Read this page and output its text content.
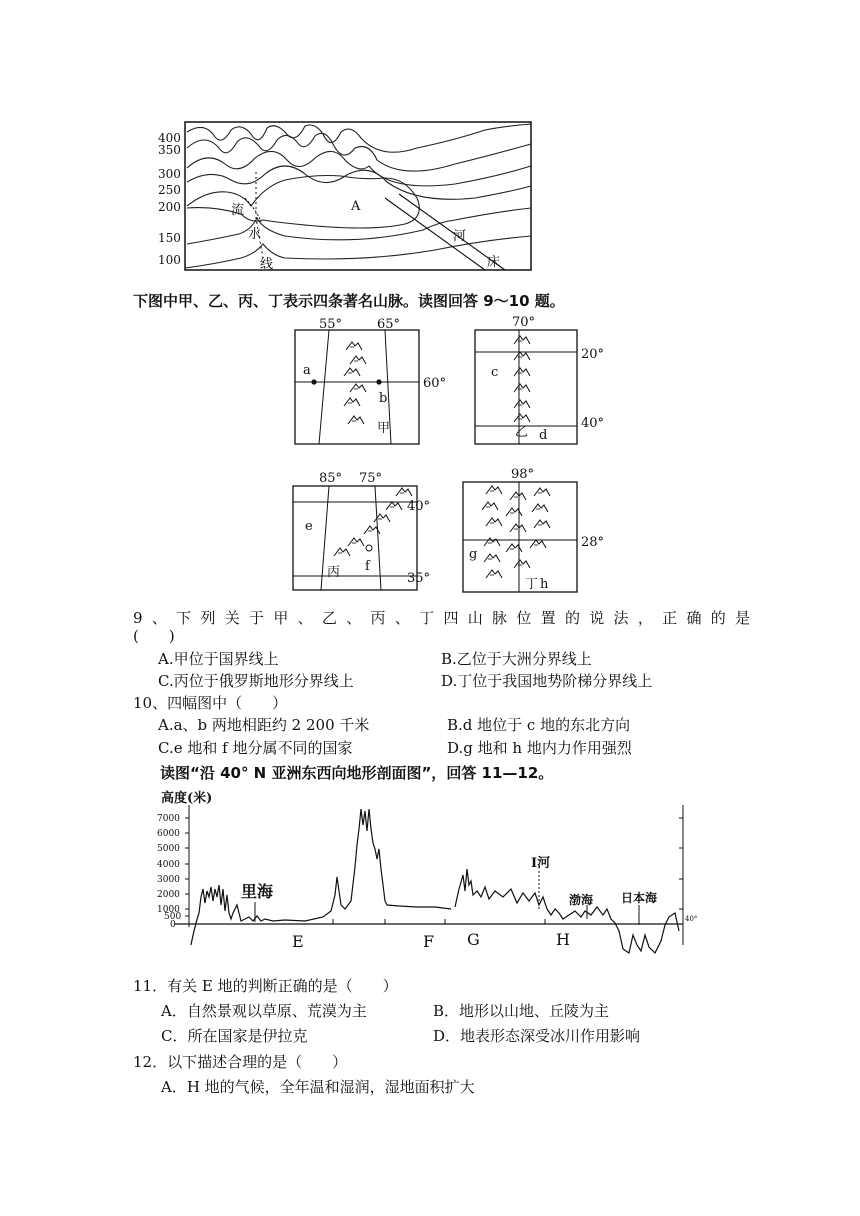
400
350
300
250
200
150
100
A
流
水
线
河
床
下图中甲、乙、丙、丁表示四条著名山脉。读图回答 9～10 题。
55°	65°
60°
a
b
甲
70°
20°
40°
c
d
乙
85° 75°
40°
35°
e
f
丙
98°
28°
g
h
丁
9、下列关于甲、乙、丙、丁四山脉位置的说法，正确的是
(　　)
A.甲位于国界线上	B.乙位于大洲分界线上
C.丙位于俄罗斯地形分界线上	D.丁位于我国地势阶梯分界线上
10、四幅图中（　　）
A.a、b 两地相距约 2 200 千米	B.d 地位于 c 地的东北方向
C.e 地和 f 地分属不同的国家	D.g 地和 h 地内力作用强烈
读图“沿 40° N 亚洲东西向地形剖面图”，回答 11—12。
高度(米)
7000
6000
5000
4000
3000
2000
1000
500
0
里海
I河
渤海 日本海
E	F G	H
40°
11．有关 E 地的判断正确的是（　　）
A．自然景观以草原、荒漠为主	B．地形以山地、丘陵为主
C．所在国家是伊拉克	D．地表形态深受冰川作用影响
12．以下描述合理的是（　　）
A．H 地的气候，全年温和湿润，湿地面积扩大
